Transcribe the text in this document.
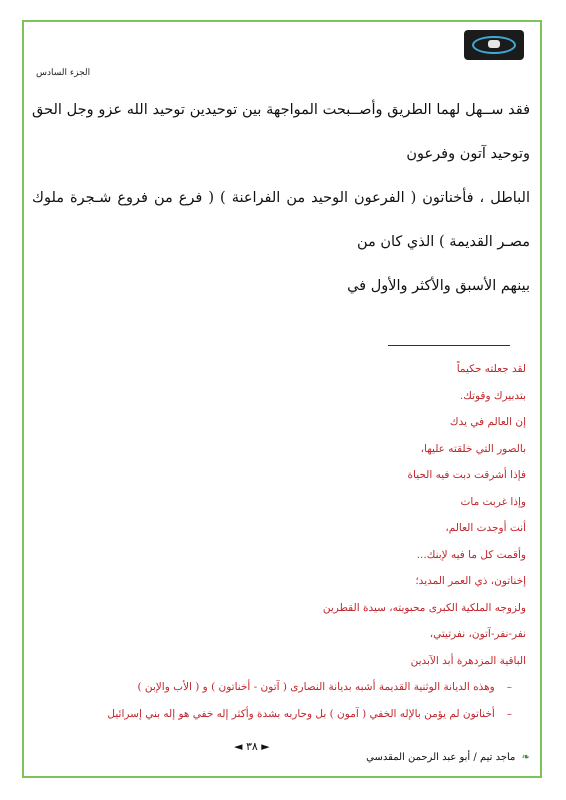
الجزء السادس

فقد ســهل لهما الطريق وأصــبحت المواجهة بين توحيدين توحيد الله عزو وجل الحق وتوحيد آتون وفرعون

الباطل ، فأخناتون ( الفرعون الوحيد من الفراعنة ) ( فرع من فروع شـجرة ملوك مصـر القديمة ) الذي كان من

بينهم الأسبق والأكثر والأول في

لقد جعلته حكيماً
بتدبيرك وقوتك.
إن العالم في يدك
بالصور التي خلقته عليها،
فإذا أشرقت دبت فيه الحياة
وإذا غربت مات
أنت أوجدت العالم،
وأقمت كل ما فيه لإبنك...
إخناتون، ذي العمر المديد؛
ولزوجه الملكية الكبرى محبوبته، سيدة القطرين
نفر-نفر-آتون، نفرتيتي،
الباقية المزدهرة أبد الآبدين
– وهذه الديانة الوثنية القديمة أشبه بديانة النصارى ( آتون - أخناتون ) و ( الأب والإبن )
– أخناتون لم يؤمن بالإله الخفي ( آمون ) بل وحاربه بشدة وأكثر إله خفي هو إله بني إسرائيل
◄ ٣٨ ►
❧ ماجد تيم / أبو عبد الرحمن المقدسي
